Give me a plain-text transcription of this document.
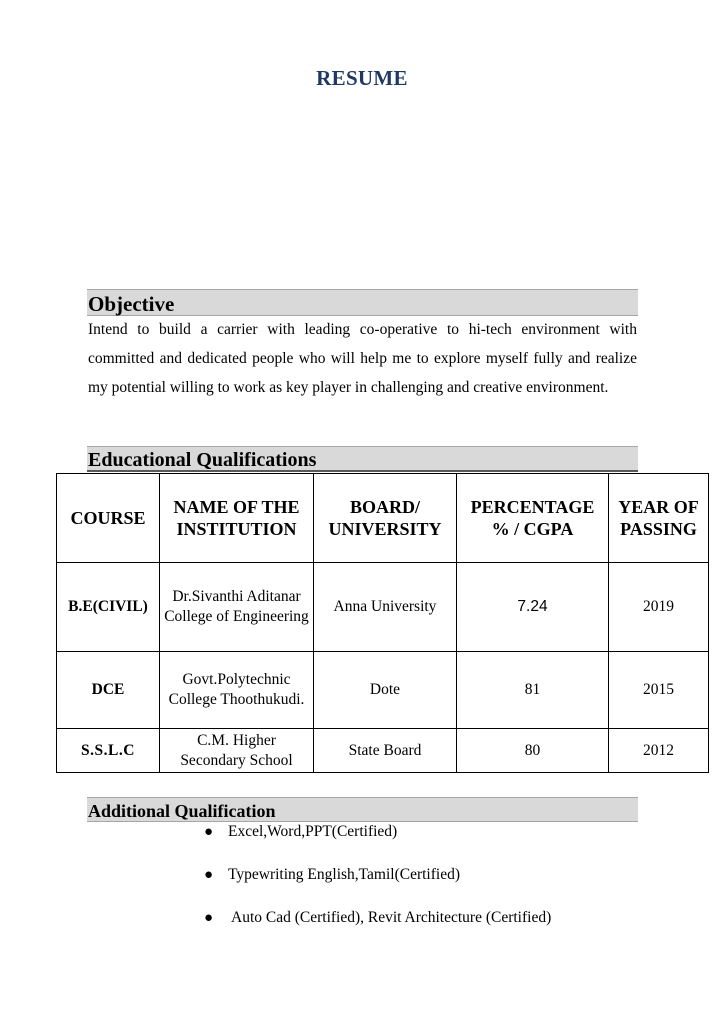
RESUME
Objective
Intend to build a carrier with leading co-operative to hi-tech environment with committed and dedicated people who will help me to explore myself fully and realize my potential willing to work as key player in challenging and creative environment.
Educational Qualifications
COURSE	NAME OF THE INSTITUTION	BOARD/ UNIVERSITY	PERCENTAGE % / CGPA	YEAR OF PASSING
B.E(CIVIL)	Dr.Sivanthi Aditanar College of Engineering	Anna University	7.24	2019
DCE	Govt.Polytechnic College Thoothukudi.	Dote	81	2015
S.S.L.C	C.M. Higher Secondary School	State Board	80	2012
Additional Qualification
● Excel,Word,PPT(Certified)
● Typewriting English,Tamil(Certified)
● Auto Cad (Certified), Revit Architecture (Certified)
